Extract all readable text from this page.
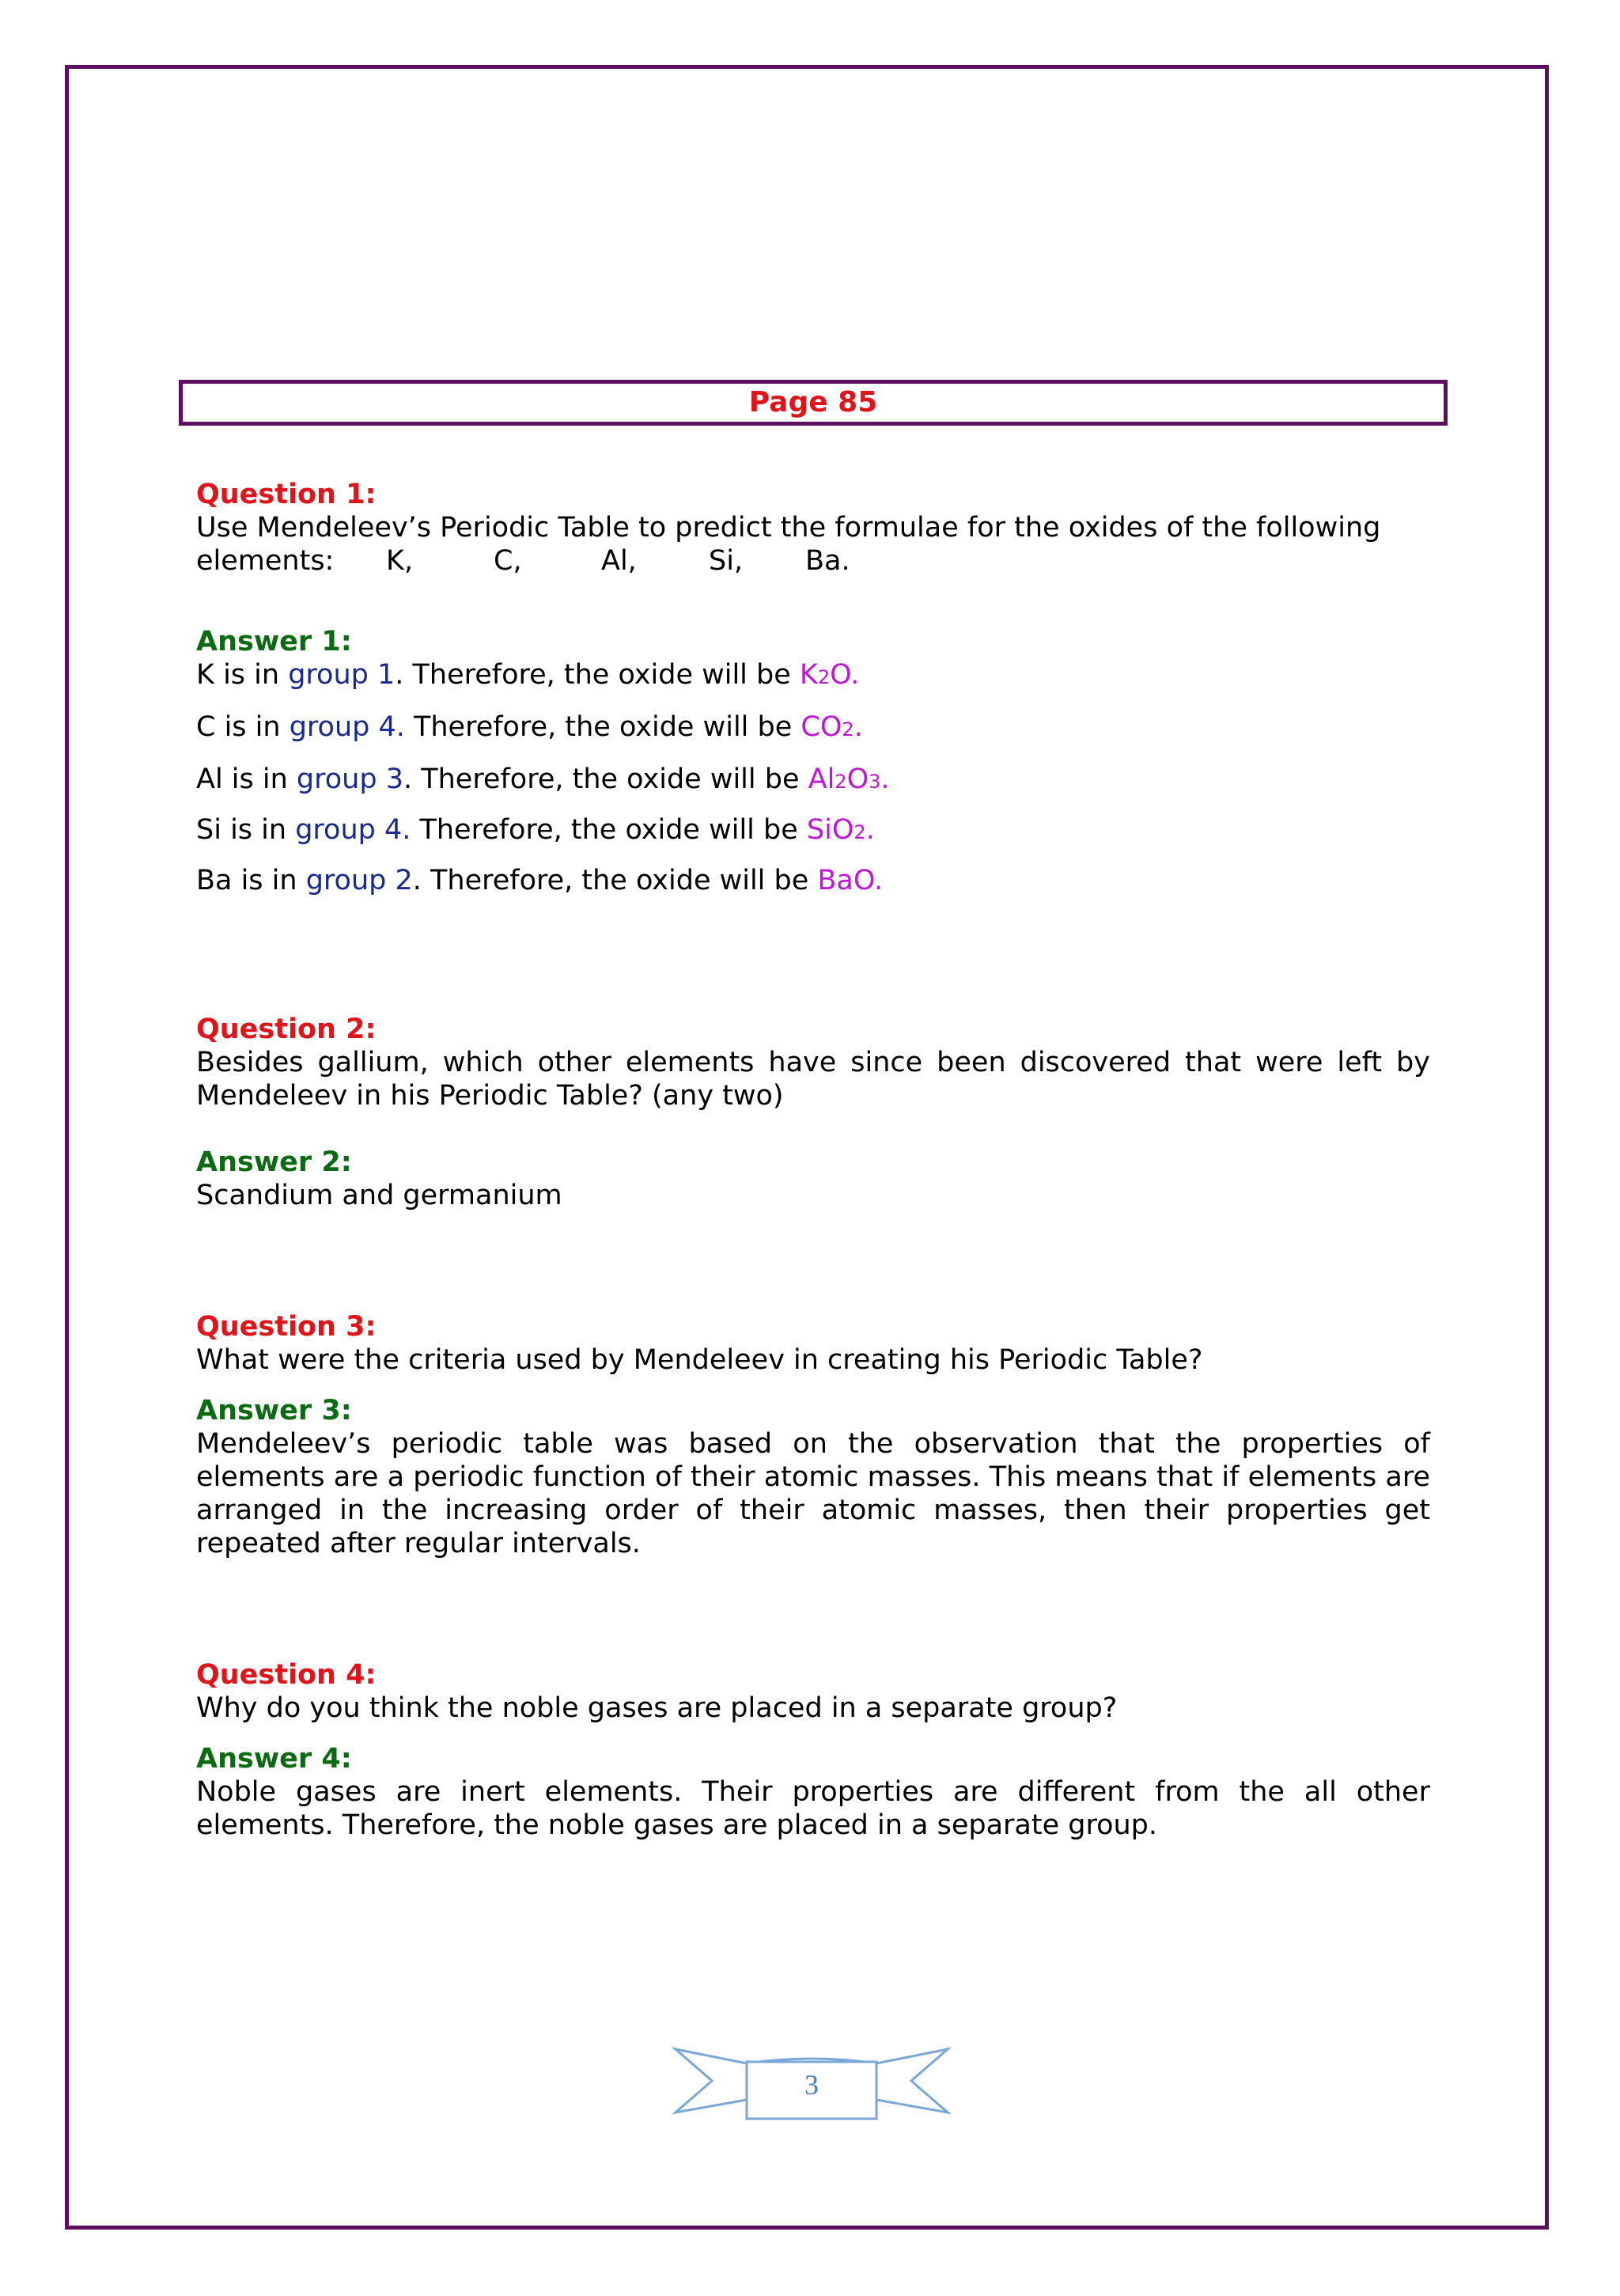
Page 85
Question 1:
Use Mendeleev’s Periodic Table to predict the formulae for the oxides of the following
elements: K,	C,	Al,	Si, Ba.
Answer 1:
K is in group 1. Therefore, the oxide will be K2O.
C is in group 4. Therefore, the oxide will be CO2.
Al is in group 3. Therefore, the oxide will be Al2O3.
Si is in group 4. Therefore, the oxide will be SiO2.
Ba is in group 2. Therefore, the oxide will be BaO.
Question 2:
Besides gallium, which other elements have since been discovered that were left by Mendeleev in his Periodic Table? (any two)
Answer 2:
Scandium and germanium
Question 3:
What were the criteria used by Mendeleev in creating his Periodic Table?
Answer 3:
Mendeleev’s periodic table was based on the observation that the properties of elements are a periodic function of their atomic masses. This means that if elements are arranged in the increasing order of their atomic masses, then their properties get repeated after regular intervals.
Question 4:
Why do you think the noble gases are placed in a separate group?
Answer 4:
Noble gases are inert elements. Their properties are different from the all other elements. Therefore, the noble gases are placed in a separate group.
3
